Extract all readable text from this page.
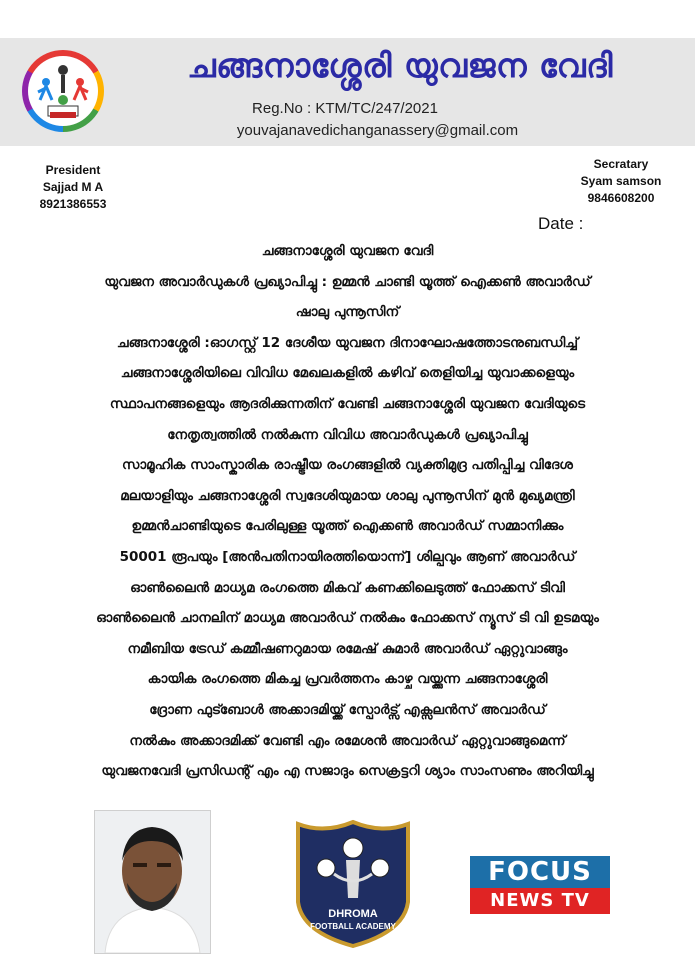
ചങ്ങനാശ്ശേരി യുവജന വേദി
Reg.No : KTM/TC/247/2021
youvajanavedichanganassery@gmail.com
President
Sajjad M A
8921386553
Secratary
Syam samson
9846608200
Date :
ചങ്ങനാശ്ശേരി യുവജന വേദി
യുവജന അവാർഡുകൾ പ്രഖ്യാപിച്ചു : ഉമ്മൻ ചാണ്ടി യൂത്ത് ഐക്കൺ അവാർഡ്
ഷാലു പുന്നൂസിന്
ചങ്ങനാശ്ശേരി :ഓഗസ്റ്റ് 12 ദേശീയ യുവജന ദിനാഘോഷത്തോടനുബന്ധിച്ച്
ചങ്ങനാശ്ശേരിയിലെ വിവിധ മേഖലകളിൽ കഴിവ് തെളിയിച്ച യുവാക്കളെയും
സ്ഥാപനങ്ങളെയും ആദരിക്കുന്നതിന് വേണ്ടി ചങ്ങനാശ്ശേരി യുവജന വേദിയുടെ
നേതൃത്വത്തിൽ നൽകുന്ന വിവിധ അവാർഡുകൾ പ്രഖ്യാപിച്ചു
സാമൂഹിക സാംസ്കാരിക രാഷ്ട്രീയ രംഗങ്ങളിൽ വ്യക്തിമുദ്ര പതിപ്പിച്ച വിദേശ
മലയാളിയും ചങ്ങനാശ്ശേരി സ്വദേശിയുമായ ശാലു പുന്നൂസിന് മുൻ മുഖ്യമന്ത്രി
ഉമ്മൻചാണ്ടിയുടെ പേരിലുള്ള യൂത്ത് ഐക്കൺ അവാർഡ് സമ്മാനിക്കും
50001 രൂപയും [അൻപതിനായിരത്തിയൊന്ന്] ശില്പവും ആണ് അവാർഡ്
ഓൺലൈൻ മാധ്യമ രംഗത്തെ മികവ് കണക്കിലെടുത്ത് ഫോക്കസ് ടിവി
ഓൺലൈൻ ചാനലിന് മാധ്യമ അവാർഡ് നൽകും ഫോക്കസ് ന്യൂസ് ടി വി ഉടമയും
നമീബിയ ട്രേഡ് കമ്മീഷണറുമായ രമേഷ് കുമാർ അവാർഡ് ഏറ്റുവാങ്ങും
കായിക രംഗത്തെ മികച്ച പ്രവർത്തനം കാഴ്ച വയ്ക്കുന്ന ചങ്ങനാശ്ശേരി
ദ്രോണ ഫുട്ബോൾ അക്കാദമിയ്ക്ക് സ്പോർട്സ് എക്സലൻസ് അവാർഡ്
നൽകും അക്കാദമിക്ക് വേണ്ടി എം രമേശൻ അവാർഡ് ഏറ്റുവാങ്ങുമെന്ന്
യുവജനവേദി പ്രസിഡന്റ് എം എ സജാദും സെക്രട്ടറി ശ്യാം സാംസണും അറിയിച്ചു
DHROMA
FOOTBALL ACADEMY
FOCUS
NEWS TV
